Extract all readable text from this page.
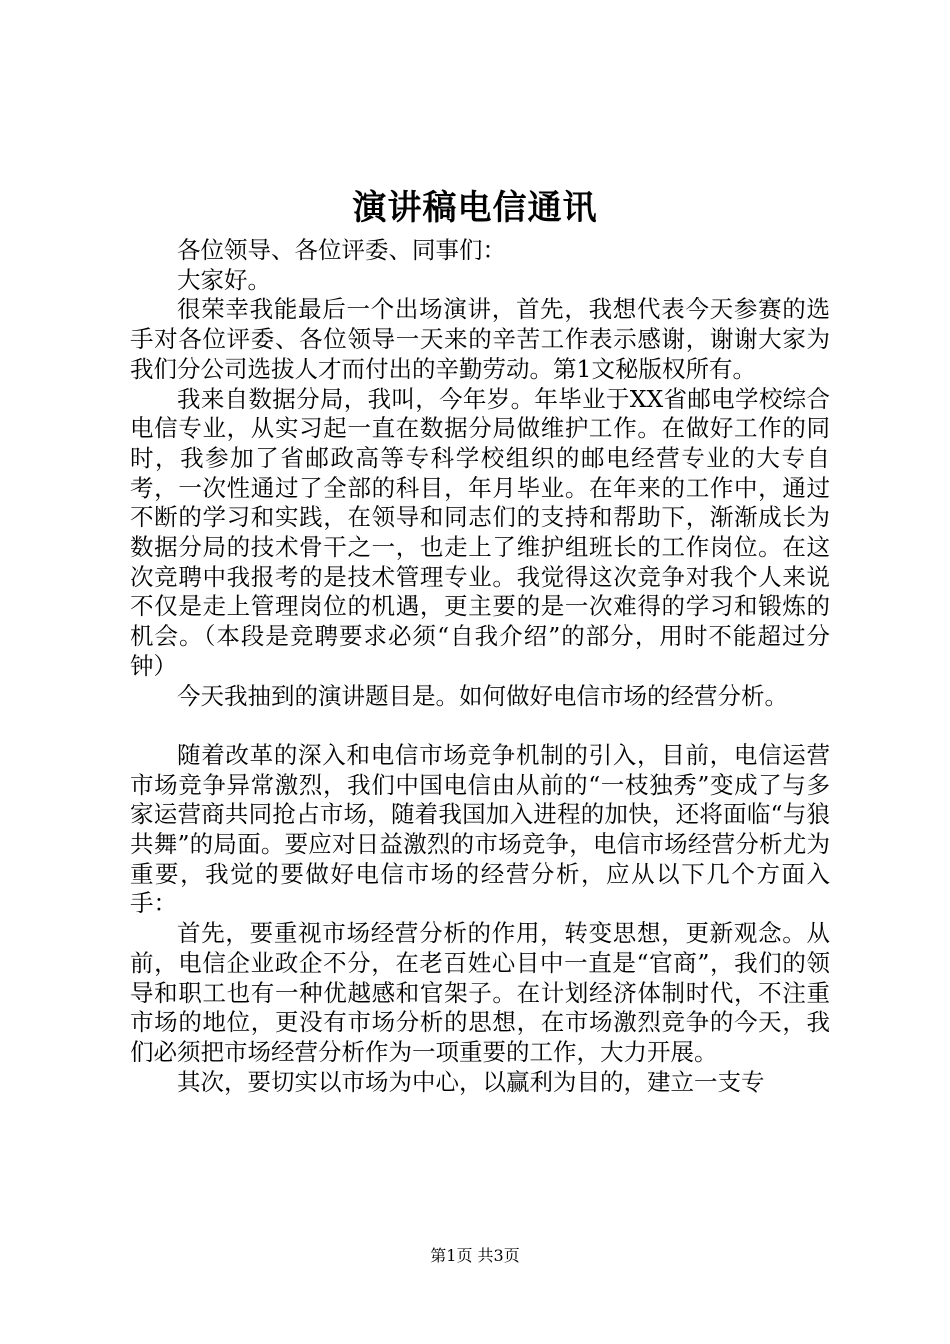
演讲稿电信通讯

各位领导、各位评委、同事们：

大家好。

很荣幸我能最后一个出场演讲，首先，我想代表今天参赛的选手对各位评委、各位领导一天来的辛苦工作表示感谢，谢谢大家为我们分公司选拔人才而付出的辛勤劳动。第1文秘版权所有。

我来自数据分局，我叫，今年岁。年毕业于XX省邮电学校综合电信专业，从实习起一直在数据分局做维护工作。在做好工作的同时，我参加了省邮政高等专科学校组织的邮电经营专业的大专自考，一次性通过了全部的科目，年月毕业。在年来的工作中，通过不断的学习和实践，在领导和同志们的支持和帮助下，渐渐成长为数据分局的技术骨干之一，也走上了维护组班长的工作岗位。在这次竞聘中我报考的是技术管理专业。我觉得这次竞争对我个人来说不仅是走上管理岗位的机遇，更主要的是一次难得的学习和锻炼的机会。（本段是竞聘要求必须“自我介绍”的部分，用时不能超过分钟）

今天我抽到的演讲题目是。如何做好电信市场的经营分析。

随着改革的深入和电信市场竞争机制的引入，目前，电信运营市场竞争异常激烈，我们中国电信由从前的“一枝独秀”变成了与多家运营商共同抢占市场，随着我国加入进程的加快，还将面临“与狼共舞”的局面。要应对日益激烈的市场竞争，电信市场经营分析尤为重要，我觉的要做好电信市场的经营分析，应从以下几个方面入手：

首先，要重视市场经营分析的作用，转变思想，更新观念。从前，电信企业政企不分，在老百姓心目中一直是“官商”，我们的领导和职工也有一种优越感和官架子。在计划经济体制时代，不注重市场的地位，更没有市场分析的思想，在市场激烈竞争的今天，我们必须把市场经营分析作为一项重要的工作，大力开展。

其次，要切实以市场为中心，以赢利为目的，建立一支专

第1页 共3页
